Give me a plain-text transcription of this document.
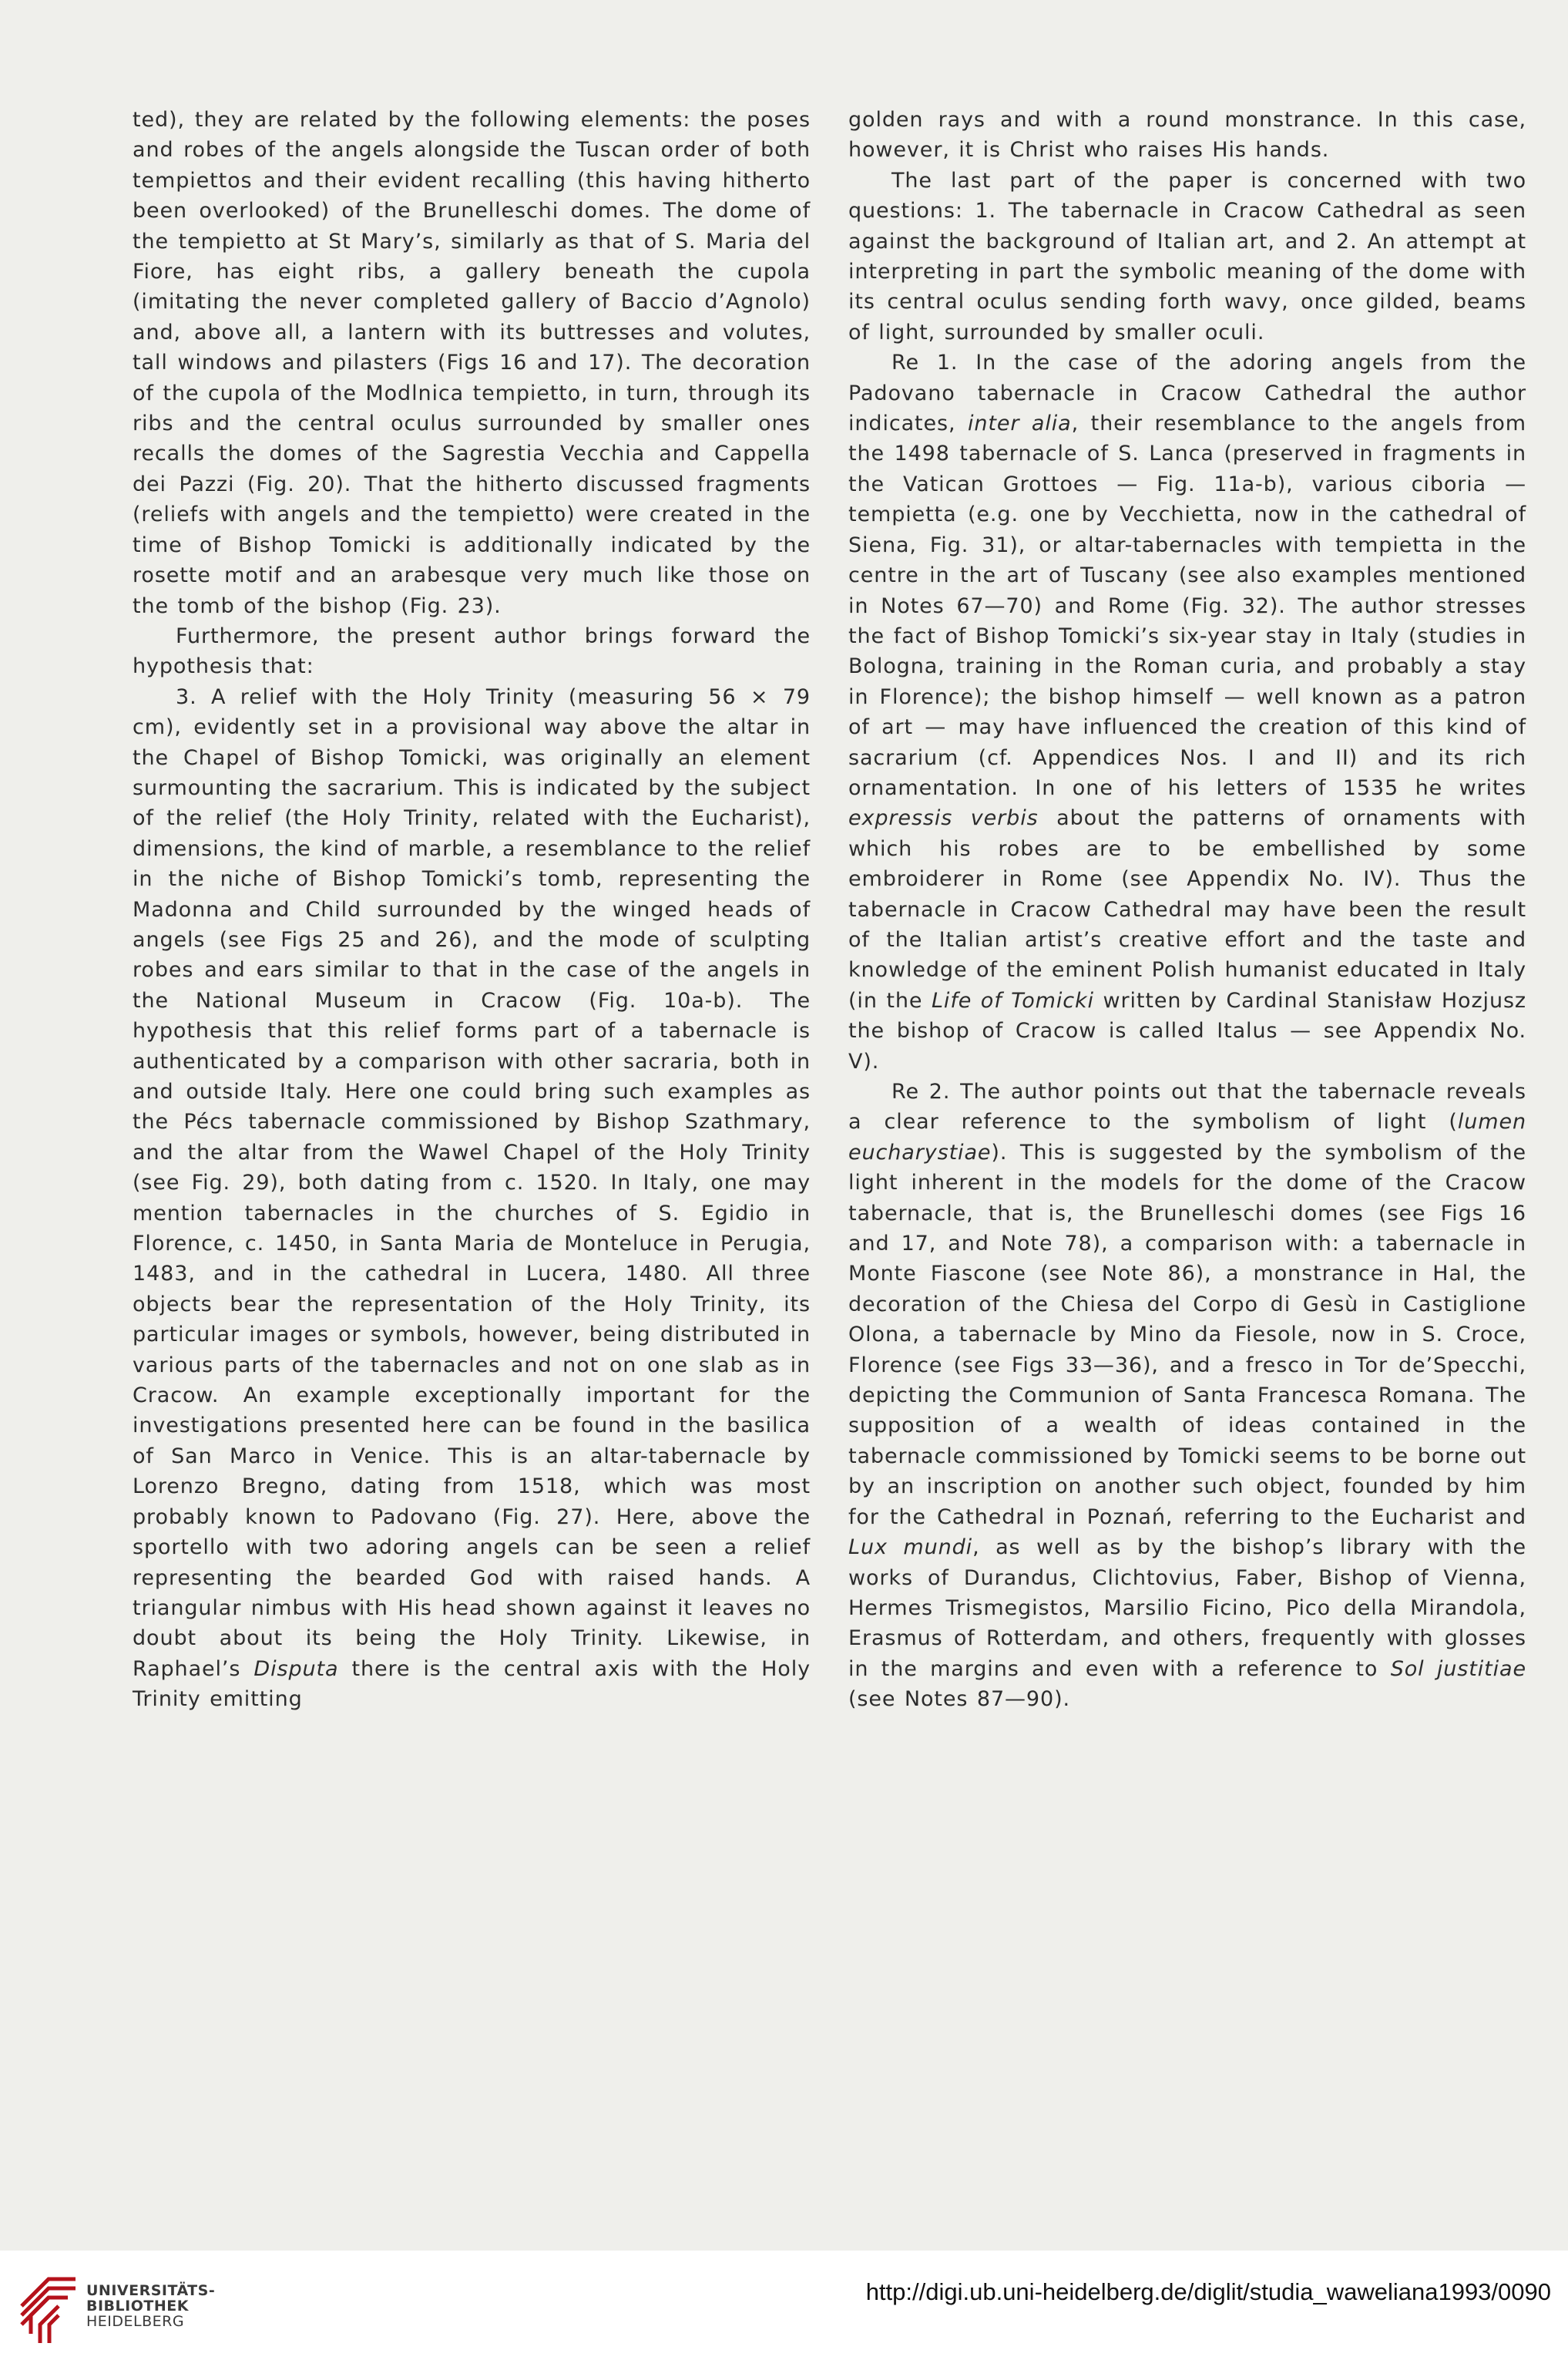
ted), they are related by the following elements: the poses and robes of the angels alongside the Tuscan order of both tempiettos and their evident recalling (this having hitherto been overlooked) of the Brunelleschi domes. The dome of the tempietto at St Mary’s, similarly as that of S. Maria del Fiore, has eight ribs, a gallery beneath the cupola (imitating the never completed gallery of Baccio d’Agnolo) and, above all, a lantern with its buttresses and volutes, tall windows and pilasters (Figs 16 and 17). The decoration of the cupola of the Modlnica tempietto, in turn, through its ribs and the central oculus surrounded by smaller ones recalls the domes of the Sagrestia Vecchia and Cappella dei Pazzi (Fig. 20). That the hitherto discussed fragments (reliefs with angels and the tempietto) were created in the time of Bishop Tomicki is additionally indicated by the rosette motif and an arabesque very much like those on the tomb of the bishop (Fig. 23).

Furthermore, the present author brings forward the hypothesis that:

3. A relief with the Holy Trinity (measuring 56 × 79 cm), evidently set in a provisional way above the altar in the Chapel of Bishop Tomicki, was originally an element surmounting the sacrarium. This is indicated by the subject of the relief (the Holy Trinity, related with the Eucharist), dimensions, the kind of marble, a resemblance to the relief in the niche of Bishop Tomicki’s tomb, representing the Madonna and Child surrounded by the winged heads of angels (see Figs 25 and 26), and the mode of sculpting robes and ears similar to that in the case of the angels in the National Museum in Cracow (Fig. 10a-b). The hypothesis that this relief forms part of a tabernacle is authenticated by a comparison with other sacraria, both in and outside Italy. Here one could bring such examples as the Pécs tabernacle commissioned by Bishop Szathmary, and the altar from the Wawel Chapel of the Holy Trinity (see Fig. 29), both dating from c. 1520. In Italy, one may mention tabernacles in the churches of S. Egidio in Florence, c. 1450, in Santa Maria de Monteluce in Perugia, 1483, and in the cathedral in Lucera, 1480. All three objects bear the representation of the Holy Trinity, its particular images or symbols, however, being distributed in various parts of the tabernacles and not on one slab as in Cracow. An example exceptionally important for the investigations presented here can be found in the basilica of San Marco in Venice. This is an altar-tabernacle by Lorenzo Bregno, dating from 1518, which was most probably known to Padovano (Fig. 27). Here, above the sportello with two adoring angels can be seen a relief representing the bearded God with raised hands. A triangular nimbus with His head shown against it leaves no doubt about its being the Holy Trinity. Likewise, in Raphael’s Disputa there is the central axis with the Holy Trinity emitting

golden rays and with a round monstrance. In this case, however, it is Christ who raises His hands.

The last part of the paper is concerned with two questions: 1. The tabernacle in Cracow Cathedral as seen against the background of Italian art, and 2. An attempt at interpreting in part the symbolic meaning of the dome with its central oculus sending forth wavy, once gilded, beams of light, surrounded by smaller oculi.

Re 1. In the case of the adoring angels from the Padovano tabernacle in Cracow Cathedral the author indicates, inter alia, their resemblance to the angels from the 1498 tabernacle of S. Lanca (preserved in fragments in the Vatican Grottoes — Fig. 11a-b), various ciboria — tempietta (e.g. one by Vecchietta, now in the cathedral of Siena, Fig. 31), or altar-tabernacles with tempietta in the centre in the art of Tuscany (see also examples mentioned in Notes 67—70) and Rome (Fig. 32). The author stresses the fact of Bishop Tomicki’s six-year stay in Italy (studies in Bologna, training in the Roman curia, and probably a stay in Florence); the bishop himself — well known as a patron of art — may have influenced the creation of this kind of sacrarium (cf. Appendices Nos. I and II) and its rich ornamentation. In one of his letters of 1535 he writes expressis verbis about the patterns of ornaments with which his robes are to be embellished by some embroiderer in Rome (see Appendix No. IV). Thus the tabernacle in Cracow Cathedral may have been the result of the Italian artist’s creative effort and the taste and knowledge of the eminent Polish humanist educated in Italy (in the Life of Tomicki written by Cardinal Stanisław Hozjusz the bishop of Cracow is called Italus — see Appendix No. V).

Re 2. The author points out that the tabernacle reveals a clear reference to the symbolism of light (lumen eucharystiae). This is suggested by the symbolism of the light inherent in the models for the dome of the Cracow tabernacle, that is, the Brunelleschi domes (see Figs 16 and 17, and Note 78), a comparison with: a tabernacle in Monte Fiascone (see Note 86), a monstrance in Hal, the decoration of the Chiesa del Corpo di Gesù in Castiglione Olona, a tabernacle by Mino da Fiesole, now in S. Croce, Florence (see Figs 33—36), and a fresco in Tor de’Specchi, depicting the Communion of Santa Francesca Romana. The supposition of a wealth of ideas contained in the tabernacle commissioned by Tomicki seems to be borne out by an inscription on another such object, founded by him for the Cathedral in Poznań, referring to the Eucharist and Lux mundi, as well as by the bishop’s library with the works of Durandus, Clichtovius, Faber, Bishop of Vienna, Hermes Trismegistos, Marsilio Ficino, Pico della Mirandola, Erasmus of Rotterdam, and others, frequently with glosses in the margins and even with a reference to Sol justitiae (see Notes 87—90).

UNIVERSITÄTS-
BIBLIOTHEK
HEIDELBERG
http://digi.ub.uni-heidelberg.de/diglit/studia_waweliana1993/0090
